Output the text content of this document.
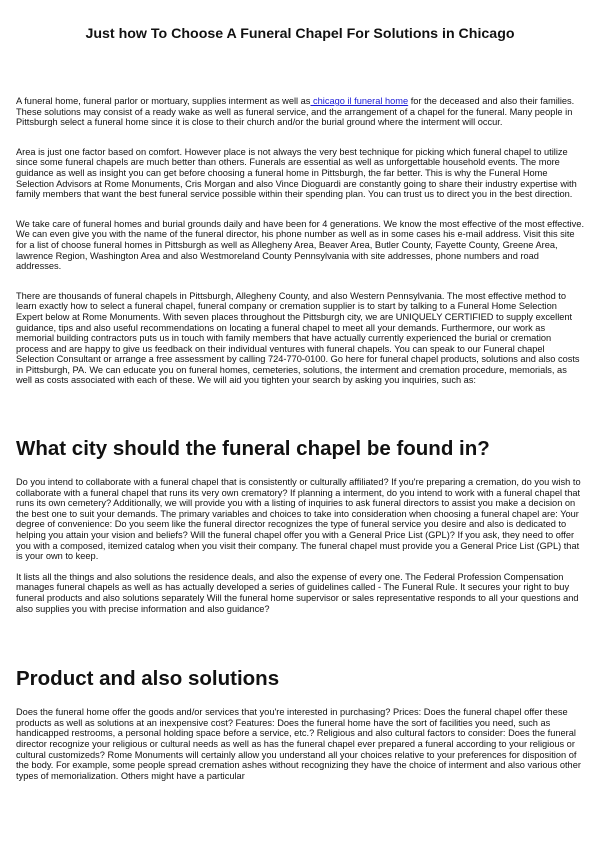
Just how To Choose A Funeral Chapel For Solutions in Chicago

A funeral home, funeral parlor or mortuary, supplies interment as well as chicago il funeral home for the deceased and also their families. These solutions may consist of a ready wake as well as funeral service, and the arrangement of a chapel for the funeral. Many people in Pittsburgh select a funeral home since it is close to their church and/or the burial ground where the interment will occur.

Area is just one factor based on comfort. However place is not always the very best technique for picking which funeral chapel to utilize since some funeral chapels are much better than others. Funerals are essential as well as unforgettable household events. The more guidance as well as insight you can get before choosing a funeral home in Pittsburgh, the far better. This is why the Funeral Home Selection Advisors at Rome Monuments, Cris Morgan and also Vince Dioguardi are constantly going to share their industry expertise with family members that want the best funeral service possible within their spending plan. You can trust us to direct you in the best direction.

We take care of funeral homes and burial grounds daily and have been for 4 generations. We know the most effective of the most effective. We can even give you with the name of the funeral director, his phone number as well as in some cases his e-mail address. Visit this site for a list of choose funeral homes in Pittsburgh as well as Allegheny Area, Beaver Area, Butler County, Fayette County, Greene Area, lawrence Region, Washington Area and also Westmoreland County Pennsylvania with site addresses, phone numbers and road addresses.

There are thousands of funeral chapels in Pittsburgh, Allegheny County, and also Western Pennsylvania. The most effective method to learn exactly how to select a funeral chapel, funeral company or cremation supplier is to start by talking to a Funeral Home Selection Expert below at Rome Monuments. With seven places throughout the Pittsburgh city, we are UNIQUELY CERTIFIED to supply excellent guidance, tips and also useful recommendations on locating a funeral chapel to meet all your demands. Furthermore, our work as memorial building contractors puts us in touch with family members that have actually currently experienced the burial or cremation process and are happy to give us feedback on their individual ventures with funeral chapels. You can speak to our Funeral chapel Selection Consultant or arrange a free assessment by calling 724-770-0100. Go here for funeral chapel products, solutions and also costs in Pittsburgh, PA. We can educate you on funeral homes, cemeteries, solutions, the interment and cremation procedure, memorials, as well as costs associated with each of these. We will aid you tighten your search by asking you inquiries, such as:

What city should the funeral chapel be found in?

Do you intend to collaborate with a funeral chapel that is consistently or culturally affiliated? If you're preparing a cremation, do you wish to collaborate with a funeral chapel that runs its very own crematory? If planning a interment, do you intend to work with a funeral chapel that runs its own cemetery? Additionally, we will provide you with a listing of inquiries to ask funeral directors to assist you make a decision on the best one to suit your demands. The primary variables and choices to take into consideration when choosing a funeral chapel are: Your degree of convenience: Do you seem like the funeral director recognizes the type of funeral service you desire and also is dedicated to helping you attain your vision and beliefs? Will the funeral chapel offer you with a General Price List (GPL)? If you ask, they need to offer you with a composed, itemized catalog when you visit their company. The funeral chapel must provide you a General Price List (GPL) that is your own to keep.

It lists all the things and also solutions the residence deals, and also the expense of every one. The Federal Profession Compensation manages funeral chapels as well as has actually developed a series of guidelines called - The Funeral Rule. It secures your right to buy funeral products and also solutions separately Will the funeral home supervisor or sales representative responds to all your questions and also supplies you with precise information and also guidance?

Product and also solutions

Does the funeral home offer the goods and/or services that you're interested in purchasing? Prices: Does the funeral chapel offer these products as well as solutions at an inexpensive cost? Features: Does the funeral home have the sort of facilities you need, such as handicapped restrooms, a personal holding space before a service, etc.? Religious and also cultural factors to consider: Does the funeral director recognize your religious or cultural needs as well as has the funeral chapel ever prepared a funeral according to your religious or cultural customizeds? Rome Monuments will certainly allow you understand all your choices relative to your preferences for disposition of the body. For example, some people spread cremation ashes without recognizing they have the choice of interment and also various other types of memorialization. Others might have a particular
